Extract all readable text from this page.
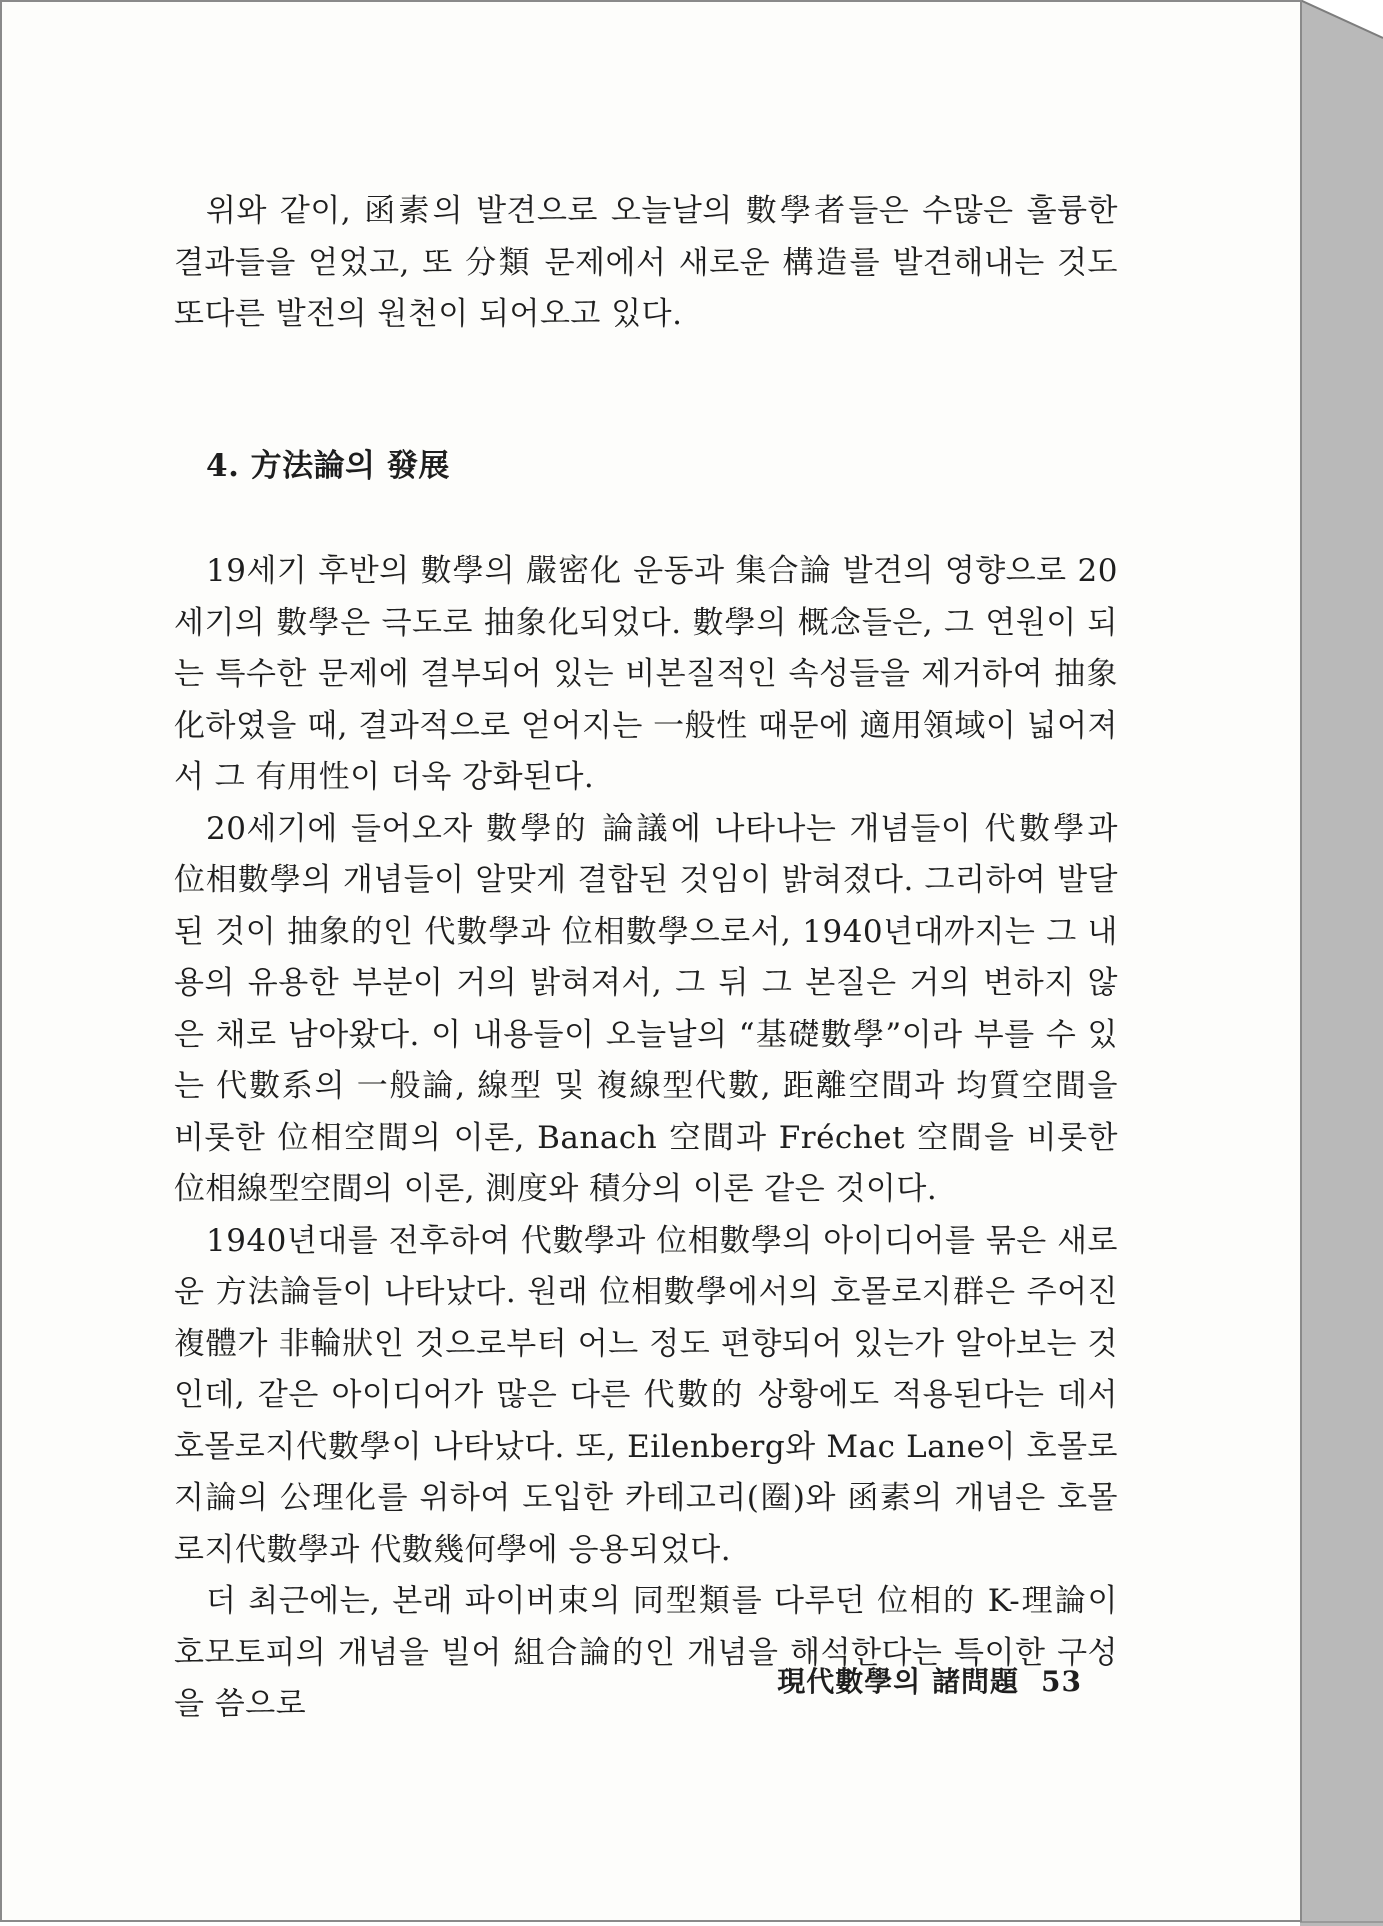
위와 같이, 函素의 발견으로 오늘날의 數學者들은 수많은 훌륭한 결과들을 얻었고, 또 分類 문제에서 새로운 構造를 발견해내는 것도 또다른 발전의 원천이 되어오고 있다.

4. 方法論의 發展

19세기 후반의 數學의 嚴密化 운동과 集合論 발견의 영향으로 20세기의 數學은 극도로 抽象化되었다. 數學의 概念들은, 그 연원이 되는 특수한 문제에 결부되어 있는 비본질적인 속성들을 제거하여 抽象化하였을 때, 결과적으로 얻어지는 一般性 때문에 適用領域이 넓어져서 그 有用性이 더욱 강화된다.

20세기에 들어오자 數學的 論議에 나타나는 개념들이 代數學과 位相數學의 개념들이 알맞게 결합된 것임이 밝혀졌다. 그리하여 발달된 것이 抽象的인 代數學과 位相數學으로서, 1940년대까지는 그 내용의 유용한 부분이 거의 밝혀져서, 그 뒤 그 본질은 거의 변하지 않은 채로 남아왔다. 이 내용들이 오늘날의 “基礎數學”이라 부를 수 있는 代數系의 一般論, 線型 및 複線型代數, 距離空間과 均質空間을 비롯한 位相空間의 이론, Banach 空間과 Fréchet 空間을 비롯한 位相線型空間의 이론, 測度와 積分의 이론 같은 것이다.

1940년대를 전후하여 代數學과 位相數學의 아이디어를 묶은 새로운 方法論들이 나타났다. 원래 位相數學에서의 호몰로지群은 주어진 複體가 非輪狀인 것으로부터 어느 정도 편향되어 있는가 알아보는 것인데, 같은 아이디어가 많은 다른 代數的 상황에도 적용된다는 데서 호몰로지代數學이 나타났다. 또, Eilenberg와 Mac Lane이 호몰로지論의 公理化를 위하여 도입한 카테고리(圈)와 函素의 개념은 호몰로지代數學과 代數幾何學에 응용되었다.

더 최근에는, 본래 파이버束의 同型類를 다루던 位相的 K-理論이 호모토피의 개념을 빌어 組合論的인 개념을 해석한다는 특이한 구성을 씀으로

現代數學의 諸問題 53
